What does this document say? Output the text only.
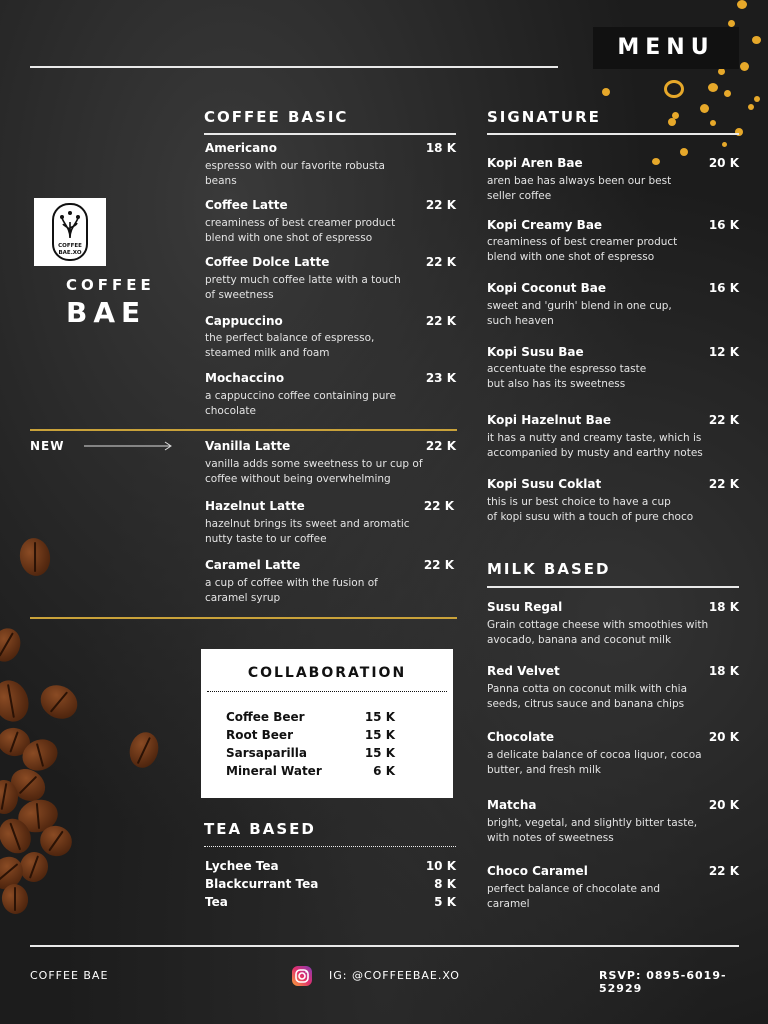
MENU
COFFEE
BAE.XO
COFFEE
BAE
COFFEE BASIC
Americano	18 K
espresso with our favorite robusta
beans
Coffee Latte	22 K
creaminess of best creamer product
blend with one shot of espresso
Coffee Dolce Latte	22 K
pretty much coffee latte with a touch
of sweetness
Cappuccino	22 K
the perfect balance of espresso,
steamed milk and foam
Mochaccino	23 K
a cappuccino coffee containing pure
chocolate
NEW	Vanilla Latte	22 K
vanilla adds some sweetness to ur cup of
coffee without being overwhelming
Hazelnut Latte	22 K
hazelnut brings its sweet and aromatic
nutty taste to ur coffee
Caramel Latte	22 K
a cup of coffee with the fusion of
caramel syrup
COLLABORATION
Coffee Beer	15 K
Root Beer	15 K
Sarsaparilla	15 K
Mineral Water	6 K
TEA BASED
Lychee Tea	10 K
Blackcurrant Tea	8 K
Tea	5 K
SIGNATURE
Kopi Aren Bae	20 K
aren bae has always been our best
seller coffee
Kopi Creamy Bae	16 K
creaminess of best creamer product
blend with one shot of espresso
Kopi Coconut Bae	16 K
sweet and 'gurih' blend in one cup,
such heaven
Kopi Susu Bae	12 K
accentuate the espresso taste
but also has its sweetness
Kopi Hazelnut Bae	22 K
it has a nutty and creamy taste, which is
accompanied by musty and earthy notes
Kopi Susu Coklat	22 K
this is ur best choice to have a cup
of kopi susu with a touch of pure choco
MILK BASED
Susu Regal	18 K
Grain cottage cheese with smoothies with
avocado, banana and coconut milk
Red Velvet	18 K
Panna cotta on coconut milk with chia
seeds, citrus sauce and banana chips
Chocolate	20 K
a delicate balance of cocoa liquor, cocoa
butter, and fresh milk
Matcha	20 K
bright, vegetal, and slightly bitter taste,
with notes of sweetness
Choco Caramel	22 K
perfect balance of chocolate and
caramel
COFFEE BAE	IG: @COFFEEBAE.XO	RSVP: 0895-6019-52929
